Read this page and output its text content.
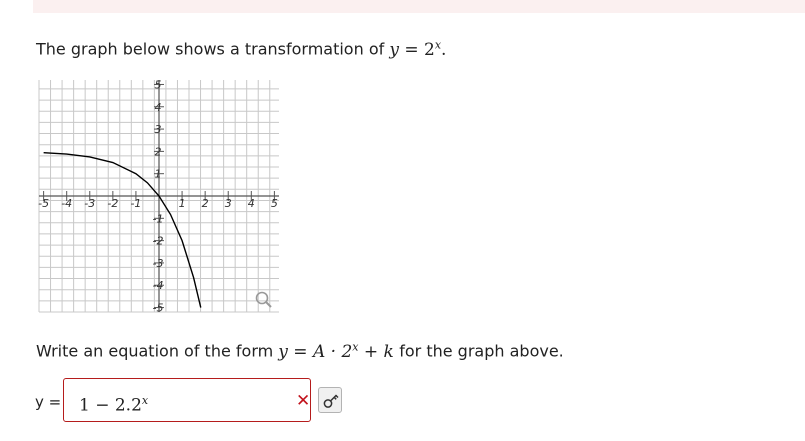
The graph below shows a transformation of $y = 2^x$.
-5 -4 -3 -2 -1	1 2 3 4 5
5
4
3
2
1
-1
-2
-3
-4
-5
Write an equation of the form $y = A \cdot 2^x + k$ for the graph above.
$y = 1 - 2.2^x$	✕
